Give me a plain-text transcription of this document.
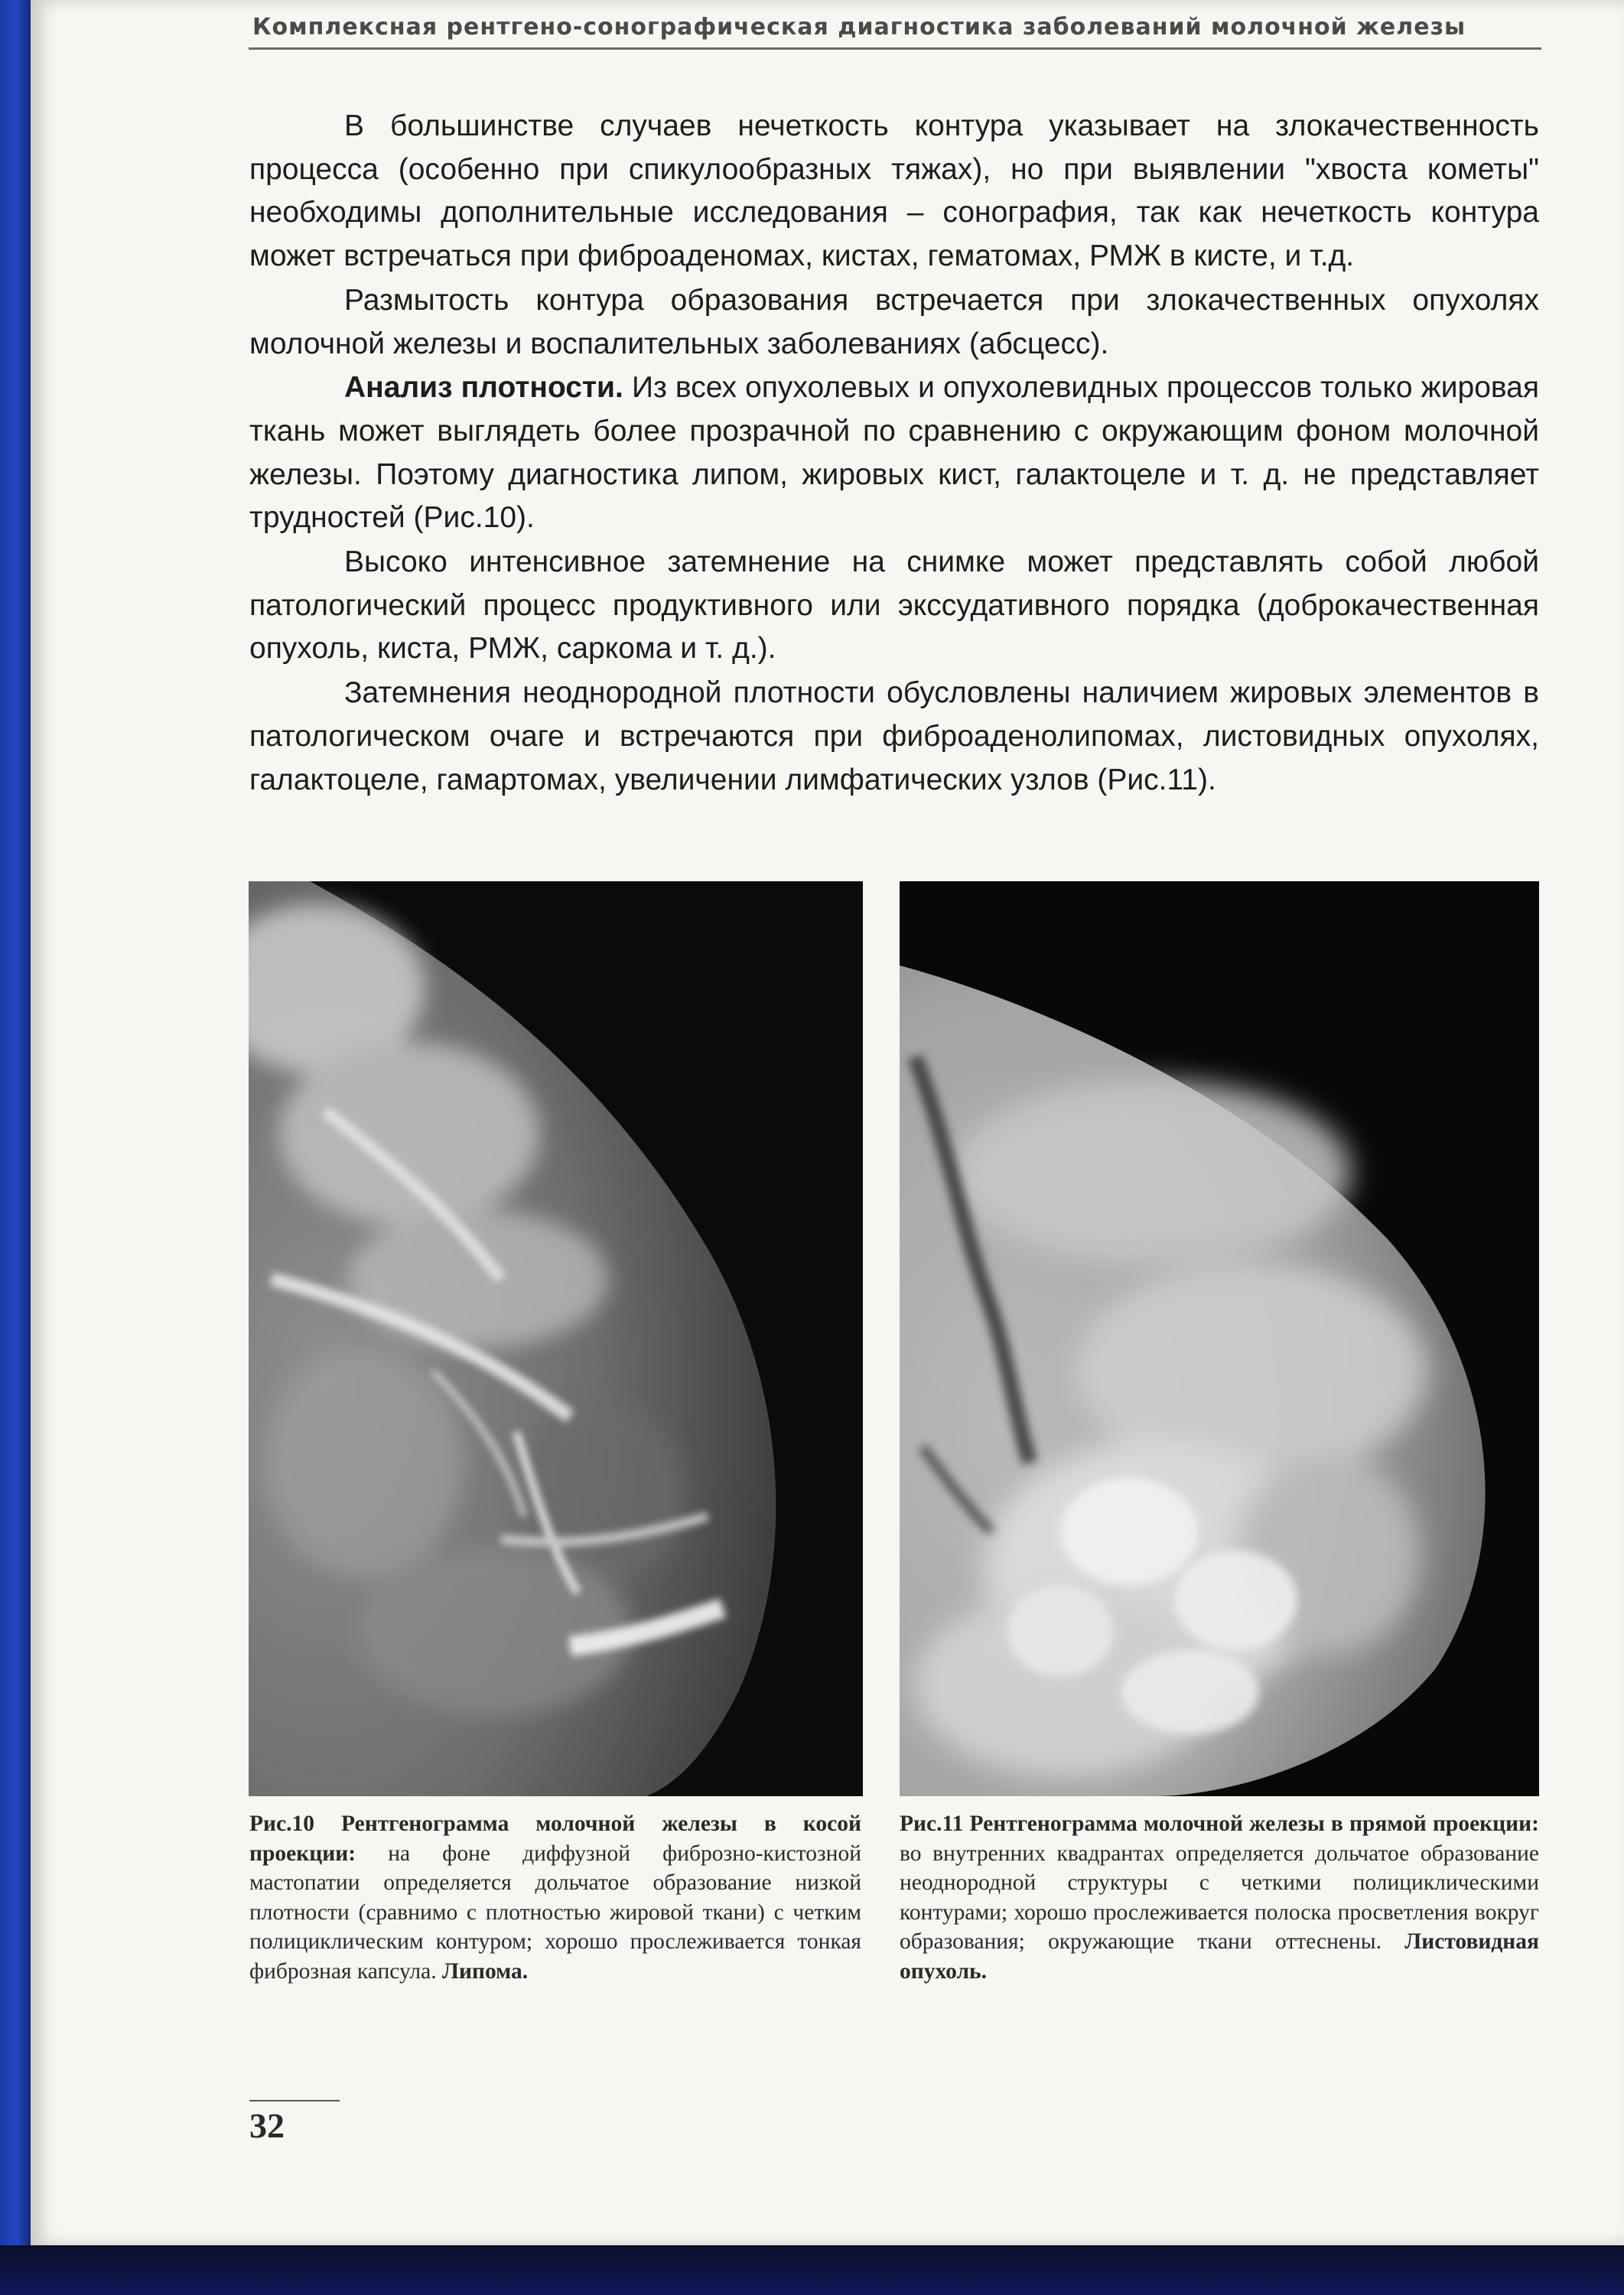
Комплексная рентгено-сонографическая диагностика заболеваний молочной железы

В большинстве случаев нечеткость контура указывает на злокачественность процесса (особенно при спикулообразных тяжах), но при выявлении "хвоста кометы" необходимы дополнительные исследования – сонография, так как нечеткость контура может встречаться при фиброаденомах, кистах, гематомах, РМЖ в кисте, и т.д.

Размытость контура образования встречается при злокачественных опухолях молочной железы и воспалительных заболеваниях (абсцесс).

Анализ плотности. Из всех опухолевых и опухолевидных процессов только жировая ткань может выглядеть более прозрачной по сравнению с окружающим фоном молочной железы. Поэтому диагностика липом, жировых кист, галактоцеле и т. д. не представляет трудностей (Рис.10).

Высоко интенсивное затемнение на снимке может представлять собой любой патологический процесс продуктивного или экссудативного порядка (доброкачественная опухоль, киста, РМЖ, саркома и т. д.).

Затемнения неоднородной плотности обусловлены наличием жировых элементов в патологическом очаге и встречаются при фиброаденолипомах, листовидных опухолях, галактоцеле, гамартомах, увеличении лимфатических узлов (Рис.11).

Рис.10 Рентгенограмма молочной железы в косой проекции: на фоне диффузной фиброзно-кистозной мастопатии определяется дольчатое образование низкой плотности (сравнимо с плотностью жировой ткани) с четким полициклическим контуром; хорошо прослеживается тонкая фиброзная капсула. Липома.
Рис.11 Рентгенограмма молочной железы в прямой проекции: во внутренних квадрантах определяется дольчатое образование неоднородной структуры с четкими полициклическими контурами; хорошо прослеживается полоска просветления вокруг образования; окружающие ткани оттеснены. Листовидная опухоль.
32
